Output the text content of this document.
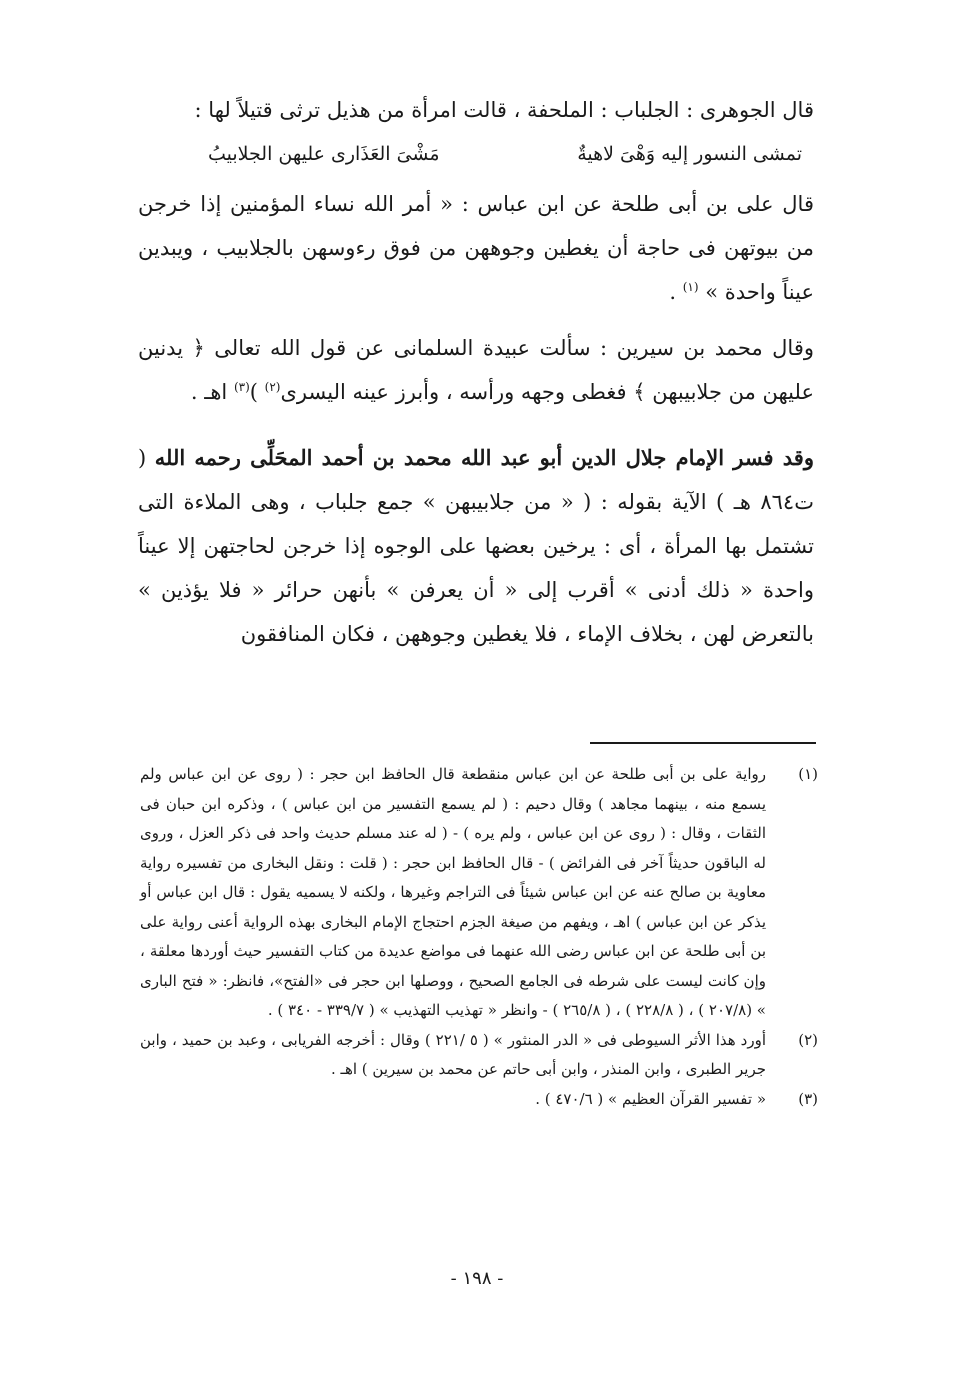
قال الجوهرى : الجلباب : الملحفة ، قالت امرأة من هذيل ترثى قتيلاً لها :

تمشى النسور إليه وَهْىَ لاهيةٌ
مَشْىَ العَذَارى عليهن الجلابيبُ

قال على بن أبى طلحة عن ابن عباس : « أمر الله نساء المؤمنين إذا خرجن من بيوتهن فى حاجة أن يغطين وجوههن من فوق رءوسهن بالجلابيب ، ويبدين عيناً واحدة » $^{(١)}$ .

وقال محمد بن سيرين : سألت عبيدة السلمانى عن قول الله تعالى ﴿ يدنين عليهن من جلابيبهن ﴾ فغطى وجهه ورأسه ، وأبرز عينه اليسرى$^{(٢)}$ )$^{(٣)}$ اهـ .

وقد فسر الإمام جلال الدين أبو عبد الله محمد بن أحمد المحَلِّى رحمه الله ( ت٨٦٤ هـ ) الآية بقوله : ( « من جلابيبهن » جمع جلباب ، وهى الملاءة التى تشتمل بها المرأة ، أى : يرخين بعضها على الوجوه إذا خرجن لحاجتهن إلا عيناً واحدة « ذلك أدنى » أقرب إلى « أن يعرفن » بأنهن حرائر « فلا يؤذين » بالتعرض لهن ، بخلاف الإماء ، فلا يغطين وجوههن ، فكان المنافقون

(١)
رواية على بن أبى طلحة عن ابن عباس منقطعة قال الحافظ ابن حجر : ( روى عن ابن عباس ولم يسمع منه ، بينهما مجاهد ) وقال دحيم : ( لم يسمع التفسير من ابن عباس ) ، وذكره ابن حبان فى الثقات ، وقال : ( روى عن ابن عباس ، ولم يره ) - ( له عند مسلم حديث واحد فى ذكر العزل ، وروى له الباقون حديثاً آخر فى الفرائض ) - قال الحافظ ابن حجر : ( قلت : ونقل البخارى من تفسيره رواية معاوية بن صالح عنه عن ابن عباس شيئاً فى التراجم وغيرها ، ولكنه لا يسميه يقول : قال ابن عباس أو يذكر عن ابن عباس ) اهـ ، ويفهم من صيغة الجزم احتجاج الإمام البخارى بهذه الرواية أعنى رواية على بن أبى طلحة عن ابن عباس رضى الله عنهما فى مواضع عديدة من كتاب التفسير حيث أوردها معلقة ، وإن كانت ليست على شرطه فى الجامع الصحيح ، ووصلها ابن حجر فى «الفتح»، فانظر: « فتح البارى » (٢٠٧/٨ ) ، ( ٢٢٨/٨ ) ، ( ٢٦٥/٨ ) - وانظر « تهذيب التهذيب » ( ٣٣٩/٧ - ٣٤٠ ) .
(٢)
أورد هذا الأثر السيوطى فى « الدر المنثور » ( ٥ /٢٢١ ) وقال : أخرجه الفريابى ، وعبد بن حميد ، وابن جرير الطبرى ، وابن المنذر ، وابن أبى حاتم عن محمد بن سيرين ) اهـ .
(٣)
« تفسير القرآن العظيم » ( ٤٧٠/٦ ) .
- ١٩٨ -
